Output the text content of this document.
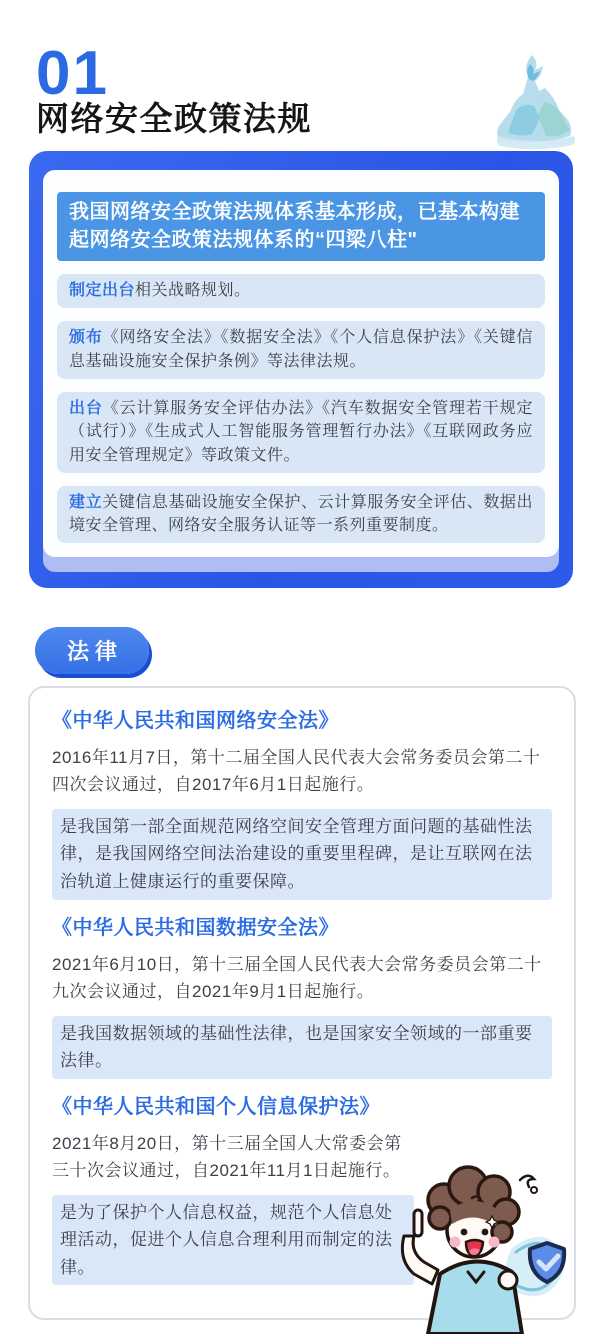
01
网络安全政策法规
我国网络安全政策法规体系基本形成，已基本构建起网络安全政策法规体系的“四梁八柱"
制定出台相关战略规划。
颁布《网络安全法》《数据安全法》《个人信息保护法》《关键信息基础设施安全保护条例》等法律法规。
出台《云计算服务安全评估办法》《汽车数据安全管理若干规定（试行）》《生成式人工智能服务管理暂行办法》《互联网政务应用安全管理规定》等政策文件。
建立关键信息基础设施安全保护、云计算服务安全评估、数据出境安全管理、网络安全服务认证等一系列重要制度。
法律
《中华人民共和国网络安全法》

2016年11月7日，第十二届全国人民代表大会常务委员会第二十四次会议通过，自2017年6月1日起施行。

是我国第一部全面规范网络空间安全管理方面问题的基础性法律，是我国网络空间法治建设的重要里程碑，是让互联网在法治轨道上健康运行的重要保障。

《中华人民共和国数据安全法》

2021年6月10日，第十三届全国人民代表大会常务委员会第二十九次会议通过，自2021年9月1日起施行。

是我国数据领域的基础性法律，也是国家安全领域的一部重要法律。

《中华人民共和国个人信息保护法》

2021年8月20日，第十三届全国人大常委会第三十次会议通过，自2021年11月1日起施行。

是为了保护个人信息权益，规范个人信息处理活动，促进个人信息合理利用而制定的法律。
